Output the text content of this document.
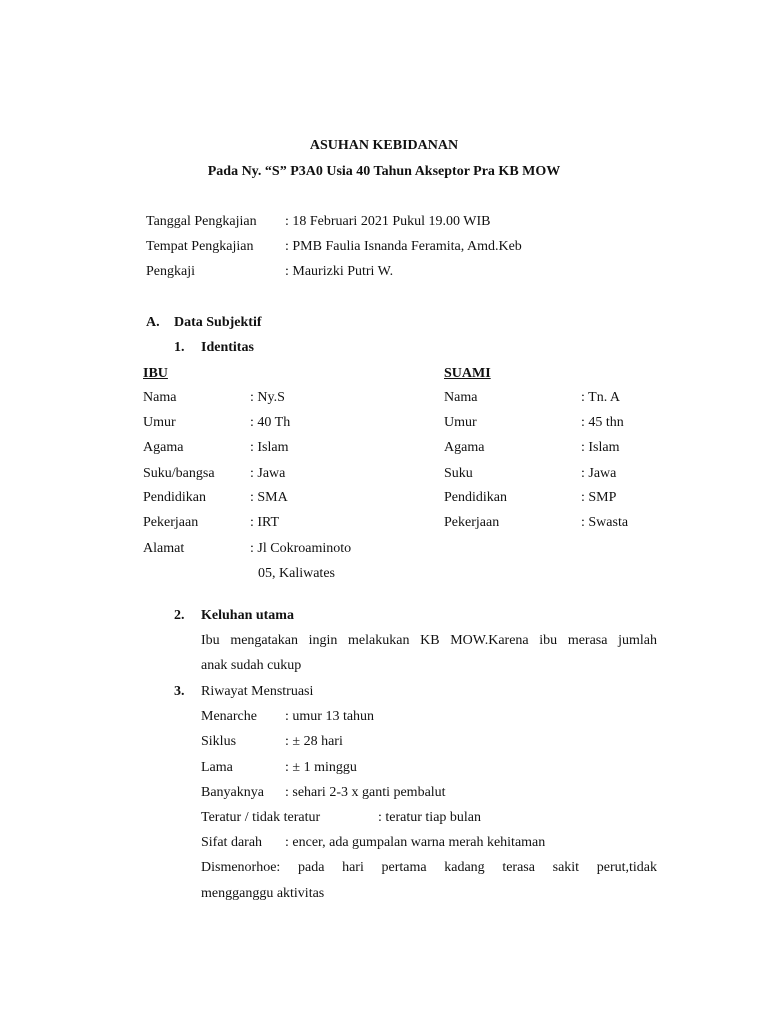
ASUHAN KEBIDANAN
Pada Ny. “S” P3A0 Usia 40 Tahun Akseptor Pra KB MOW
Tanggal Pengkajian : 18 Februari 2021 Pukul 19.00 WIB
Tempat Pengkajian : PMB Faulia Isnanda Feramita, Amd.Keb
Pengkaji	: Maurizki Putri W.
A. Data Subjektif
1. Identitas
IBU
Nama	: Ny.S
Umur	: 40 Th
Agama	: Islam
Suku/bangsa	: Jawa
Pendidikan	: SMA
Pekerjaan	: IRT
Alamat	: Jl Cokroaminoto
05, Kaliwates
SUAMI
Nama	: Tn. A
Umur	: 45 thn
Agama	: Islam
Suku	: Jawa
Pendidikan	: SMP
Pekerjaan	: Swasta
2. Keluhan utama
Ibu mengatakan ingin melakukan KB MOW.Karena ibu merasa jumlah
anak sudah cukup
3. Riwayat Menstruasi
Menarche : umur 13 tahun
Siklus	: ± 28 hari
Lama	: ± 1 minggu
Banyaknya : sehari 2-3 x ganti pembalut
Teratur / tidak teratur	: teratur tiap bulan
Sifat darah : encer, ada gumpalan warna merah kehitaman
Dismenorhoe: pada hari pertama kadang terasa sakit perut,tidak
mengganggu aktivitas
